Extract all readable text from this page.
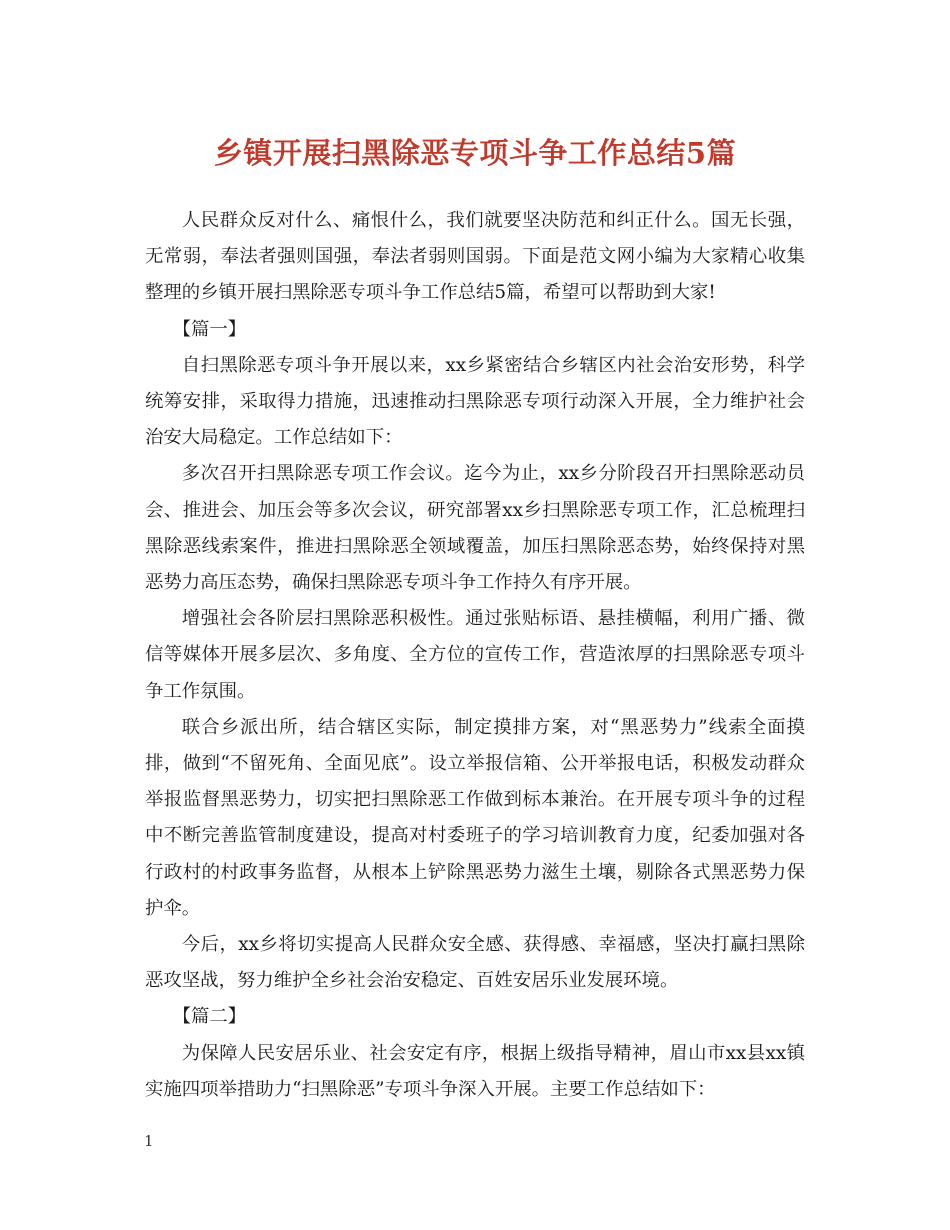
乡镇开展扫黑除恶专项斗争工作总结5篇

人民群众反对什么、痛恨什么，我们就要坚决防范和纠正什么。国无长强，无常弱，奉法者强则国强，奉法者弱则国弱。下面是范文网小编为大家精心收集整理的乡镇开展扫黑除恶专项斗争工作总结5篇，希望可以帮助到大家!

【篇一】

自扫黑除恶专项斗争开展以来，xx乡紧密结合乡辖区内社会治安形势，科学统筹安排，采取得力措施，迅速推动扫黑除恶专项行动深入开展，全力维护社会治安大局稳定。工作总结如下：

多次召开扫黑除恶专项工作会议。迄今为止，xx乡分阶段召开扫黑除恶动员会、推进会、加压会等多次会议，研究部署xx乡扫黑除恶专项工作，汇总梳理扫黑除恶线索案件，推进扫黑除恶全领域覆盖，加压扫黑除恶态势，始终保持对黑恶势力高压态势，确保扫黑除恶专项斗争工作持久有序开展。

增强社会各阶层扫黑除恶积极性。通过张贴标语、悬挂横幅，利用广播、微信等媒体开展多层次、多角度、全方位的宣传工作，营造浓厚的扫黑除恶专项斗争工作氛围。

联合乡派出所，结合辖区实际，制定摸排方案，对“黑恶势力”线索全面摸排，做到“不留死角、全面见底”。设立举报信箱、公开举报电话，积极发动群众举报监督黑恶势力，切实把扫黑除恶工作做到标本兼治。在开展专项斗争的过程中不断完善监管制度建设，提高对村委班子的学习培训教育力度，纪委加强对各行政村的村政事务监督，从根本上铲除黑恶势力滋生土壤，剔除各式黑恶势力保护伞。

今后，xx乡将切实提高人民群众安全感、获得感、幸福感，坚决打赢扫黑除恶攻坚战，努力维护全乡社会治安稳定、百姓安居乐业发展环境。

【篇二】

为保障人民安居乐业、社会安定有序，根据上级指导精神，眉山市xx县xx镇实施四项举措助力“扫黑除恶”专项斗争深入开展。主要工作总结如下：

1
